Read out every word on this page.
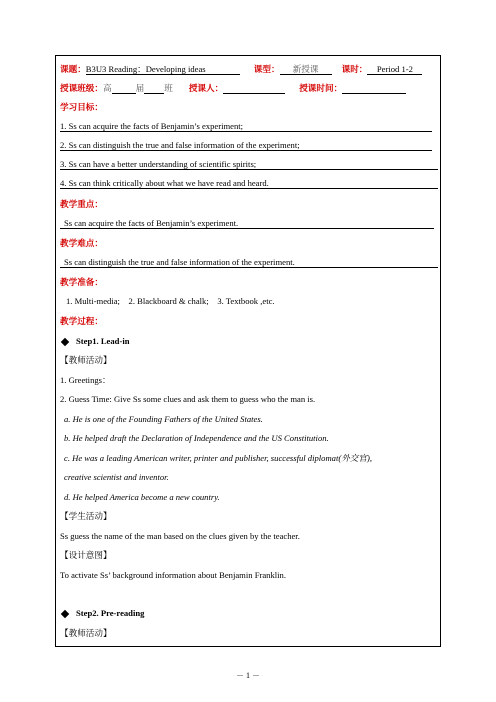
课题：B3U3 Reading：Developing ideas	课型： 新授课	课时： Period 1-2
授课班级：高	届 班 授课人：	授课时间：
学习目标：
1. Ss can acquire the facts of Benjamin’s experiment;
2. Ss can distinguish the true and false information of the experiment;
3. Ss can have a better understanding of scientific spirits;
4. Ss can think critically about what we have read and heard.
教学重点：
Ss can acquire the facts of Benjamin’s experiment.
教学难点：
Ss can distinguish the true and false information of the experiment.
教学准备：
1. Multi-media;    2. Blackboard & chalk;    3. Textbook ,etc.
教学过程：
Step1. Lead-in
【教师活动】
1. Greetings：
2. Guess Time: Give Ss some clues and ask them to guess who the man is.
a. He is one of the Founding Fathers of the United States.
b. He helped draft the Declaration of Independence and the US Constitution.
c. He was a leading American writer, printer and publisher, successful diplomat(外交官),
creative scientist and inventor.
d. He helped America become a new country.
【学生活动】
Ss guess the name of the man based on the clues given by the teacher.
【设计意图】
To activate Ss’ background information about Benjamin Franklin.
Step2. Pre-reading
【教师活动】
－ 1 －
